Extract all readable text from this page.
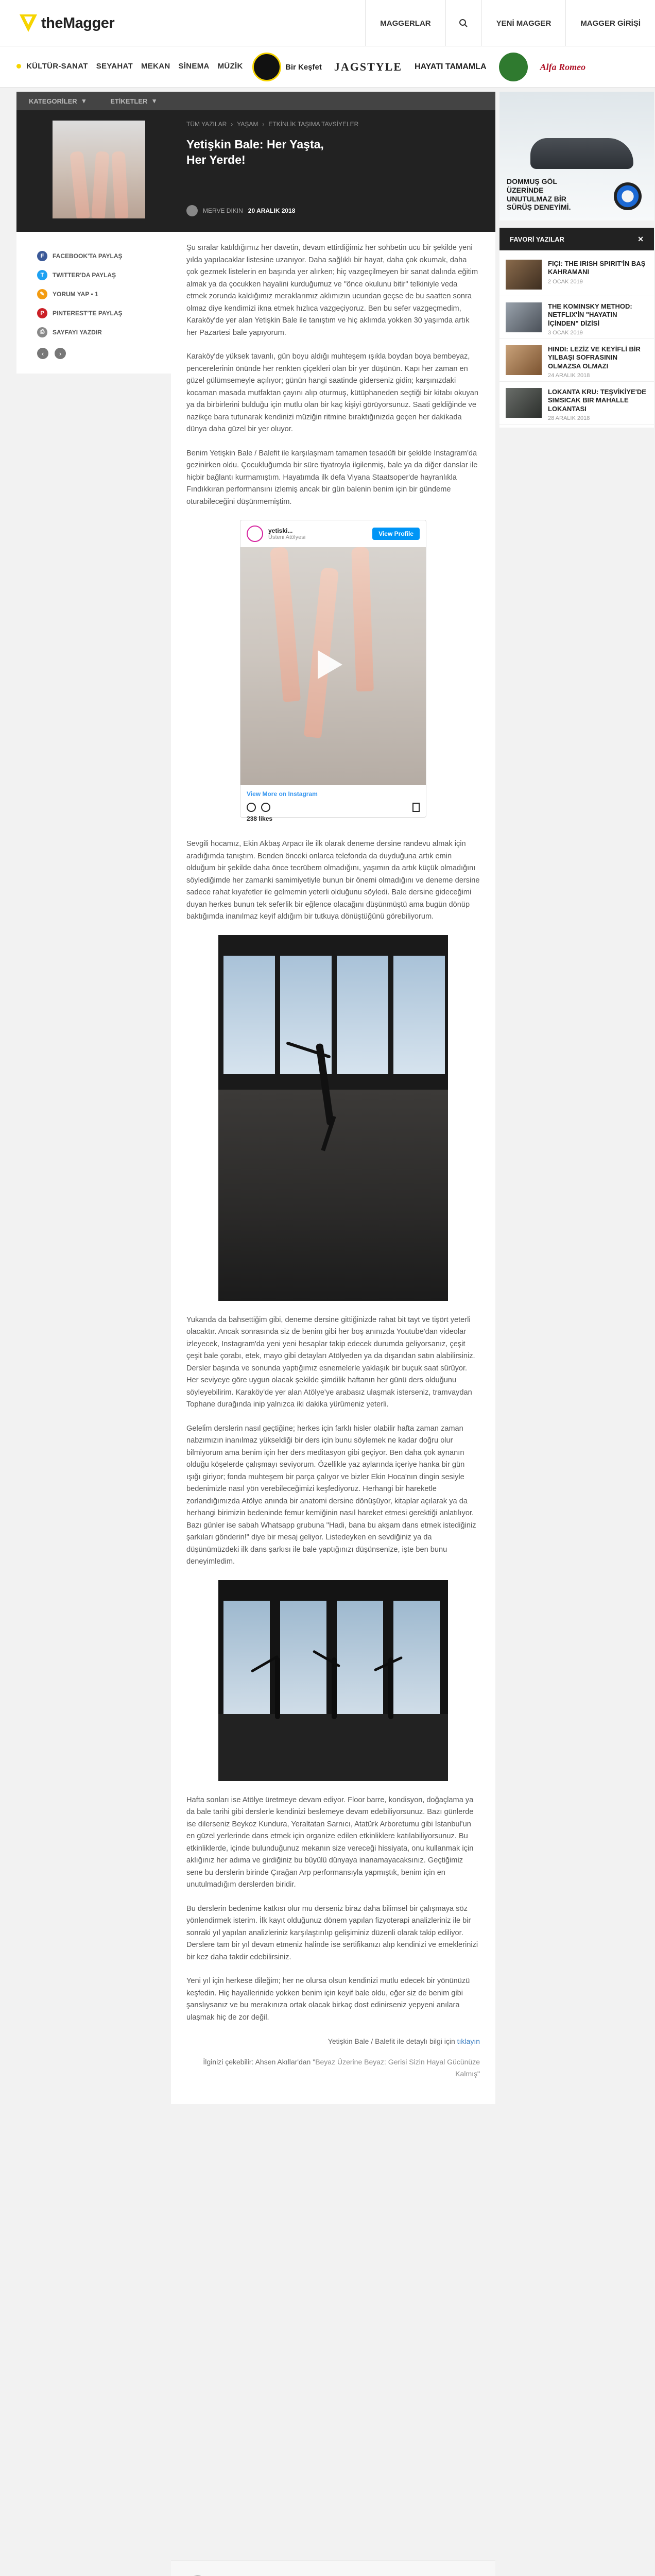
theMagger	MAGGERLAR	YENİ MAGGER	MAGGER GİRİŞİ
KÜLTÜR-SANAT SEYAHAT MEKAN SİNEMA MÜZİK	Bir Keşfet JAGSTYLE HAYATI TAMAMLA	Alfa Romeo
KATEGORİLER ▾	ETİKETLER ▾
TÜM YAZILAR › YAŞAM › ETKİNLİK TAŞIMA TAVSİYELER
Yetişkin Bale: Her Yaşta, Her Yerde!
MERVE DIKIN 20 ARALIK 2018
F	FACEBOOK'TA PAYLAŞ
T	TWITTER'DA PAYLAŞ
✎	YORUM YAP • 1
P	PINTEREST'TE PAYLAŞ
⎙	SAYFAYI YAZDIR
‹	›

Şu sıralar katıldığımız her davetin, devam ettirdiğimiz her sohbetin ucu bir şekilde yeni yılda yapılacaklar listesine uzanıyor. Daha sağlıklı bir hayat, daha çok okumak, daha çok gezmek listelerin en başında yer alırken; hiç vazgeçilmeyen bir sanat dalında eğitim almak ya da çocukken hayalini kurduğumuz ve "önce okulunu bitir" telkiniyle veda etmek zorunda kaldığımız meraklarımız aklımızın ucundan geçse de bu saatten sonra olmaz diye kendimizi ikna etmek hızlıca vazgeçiyoruz. Ben bu sefer vazgeçmedim, Karaköy'de yer alan Yetişkin Bale ile tanıştım ve hiç aklımda yokken 30 yaşımda artık her Pazartesi bale yapıyorum.

Karaköy'de yüksek tavanlı, gün boyu aldığı muhteşem ışıkla boydan boya bembeyaz, pencerelerinin önünde her renkten çiçekleri olan bir yer düşünün. Kapı her zaman en güzel gülümsemeyle açılıyor; günün hangi saatinde giderseniz gidin; karşınızdaki kocaman masada mutfaktan çayını alıp oturmuş, kütüphaneden seçtiği bir kitabı okuyan ya da birbirlerini bulduğu için mutlu olan bir kaç kişiyi görüyorsunuz. Saati geldiğinde ve nazikçe bara tutunarak kendinizi müziğin ritmine bıraktığınızda geçen her dakikada dünya daha güzel bir yer oluyor.

Benim Yetişkin Bale / Balefit ile karşılaşmam tamamen tesadüfi bir şekilde Instagram'da gezinirken oldu. Çocukluğumda bir süre tiyatroyla ilgilenmiş, bale ya da diğer danslar ile hiçbir bağlantı kurmamıştım. Hayatımda ilk defa Viyana Staatsoper'de hayranlıkla Fındıkkıran performansını izlemiş ancak bir gün balenin benim için bir gündeme oturabileceğini düşünmemiştim.

yetiski...
Üsteni Atölyesi	View Profile
View More on Instagram
238 likes

Sevgili hocamız, Ekin Akbaş Arpacı ile ilk olarak deneme dersine randevu almak için aradığımda tanıştım. Benden önceki onlarca telefonda da duyduğuna artık emin olduğum bir şekilde daha önce tecrübem olmadığını, yaşımın da artık küçük olmadığını söylediğimde her zamanki samimiyetiyle bunun bir önemi olmadığını ve deneme dersine sadece rahat kıyafetler ile gelmemin yeterli olduğunu söyledi. Bale dersine gideceğimi duyan herkes bunun tek seferlik bir eğlence olacağını düşünmüştü ama bugün dönüp baktığımda inanılmaz keyif aldığım bir tutkuya dönüştüğünü görebiliyorum.

Yukarıda da bahsettiğim gibi, deneme dersine gittiğinizde rahat bit tayt ve tişört yeterli olacaktır. Ancak sonrasında siz de benim gibi her boş anınızda Youtube'dan videolar izleyecek, Instagram'da yeni yeni hesaplar takip edecek durumda geliyorsanız, çeşit çeşit bale çorabı, etek, mayo gibi detayları Atölyeden ya da dışarıdan satın alabilirsiniz. Dersler başında ve sonunda yaptığımız esnemelerle yaklaşık bir buçuk saat sürüyor. Her seviyeye göre uygun olacak şekilde şimdilik haftanın her günü ders olduğunu söyleyebilirim. Karaköy'de yer alan Atölye'ye arabasız ulaşmak isterseniz, tramvaydan Tophane durağında inip yalnızca iki dakika yürümeniz yeterli.

Geleli̇m derslerin nasıl geçtiğine; herkes için farklı hisler olabilir hafta zaman zaman nabzımızın inanılmaz yükseldiği bir ders için bunu söylemek ne kadar doğru olur bilmiyorum ama benim için her ders meditasyon gibi geçiyor. Ben daha çok aynanın olduğu köşelerde çalışmayı seviyorum. Özellikle yaz aylarında içeriye hanka bir gün ışığı giriyor; fonda muhteşem bir parça çalıyor ve bizler Ekin Hoca'nın dingin sesiyle bedenimizle nasıl yön verebileceğimizi keşfediyoruz. Herhangi bir hareketle zorlandığımızda Atölye anında bir anatomi dersine dönüşüyor, kitaplar açılarak ya da herhangi birimizin bedeninde femur kemiğinin nasıl hareket etmesi gerektiği anlatılıyor. Bazı günler ise sabah Whatsapp grubuna "Hadi, bana bu akşam dans etmek istediğiniz şarkıları gönderin!" diye bir mesaj geliyor. Listedeyken en sevdiğiniz ya da düşünümüzdeki ilk dans şarkısı ile bale yaptığınızı düşünsenize, işte ben bunu deneyimledim.

Hafta sonları ise Atölye üretmeye devam ediyor. Floor barre, kondisyon, doğaçlama ya da bale tarihi gibi derslerle kendinizi beslemeye devam edebiliyorsunuz. Bazı günlerde ise dilerseniz Beykoz Kundura, Yeraltatan Sarnıcı, Atatürk Arboretumu gibi İstanbul'un en güzel yerlerinde dans etmek için organize edilen etkinliklere katılabiliyorsunuz. Bu etkinliklerde, içinde bulunduğunuz mekanın size vereceği hissiyata, onu kullanmak için aklığınız her adıma ve girdiğiniz bu büyülü dünyaya inanamayacaksınız. Geçtiğimiz sene bu derslerin birinde Çırağan Arp performansıyla yapmıştık, benim için en unutulmadığım derslerden biridir.

Bu derslerin bedenime katkısı olur mu derseniz biraz daha bilimsel bir çalışmaya söz yönlendirmek isterim. İlk kayıt olduğunuz dönem yapılan fizyoterapi analizleriniz ile bir sonraki yıl yapılan analizleriniz karşılaştırılıp gelişiminiz düzenli olarak takip ediliyor. Derslere tam bir yıl devam etmeniz halinde ise sertifikanızı alıp kendinizi ve emeklerinizi bir kez daha takdir edebilirsiniz.

Yeni yıl için herkese dileğim; her ne olursa olsun kendinizi mutlu edecek bir yönünüzü keşfedin. Hiç hayallerinide yokken benim için keyif bale oldu, eğer siz de benim gibi şanslıysanız ve bu merakınıza ortak olacak birkaç dost edinirseniz yepyeni anılara ulaşmak hiç de zor değil.

Yetişkin Bale / Balefit ile detaylı bilgi için tıklayın

İlginizi çekebilir: Ahsen Akıllar'dan "Beyaz Üzerine Beyaz: Gerisi Sizin Hayal Gücünüze Kalmış"

DOMMUŞ GÖL ÜZERİNDE UNUTULMAZ BİR SÜRÜŞ DENEYİMİ.
FAVORİ YAZILAR	✕
FIÇI: THE IRISH SPIRIT'İN BAŞ KAHRAMANI
2 OCAK 2019
THE KOMINSKY METHOD: NETFLIX'İN "HAYATIN İÇİNDEN" DİZİSİ
3 OCAK 2019
HINDI: LEZİZ VE KEYİFLİ BİR YILBAŞI SOFRASININ OLMAZSA OLMAZI
24 ARALIK 2018
LOKANTA KRU: TEŞVİKİYE'DE SIMSICAK BIR MAHALLE LOKANTASI
28 ARALIK 2018
